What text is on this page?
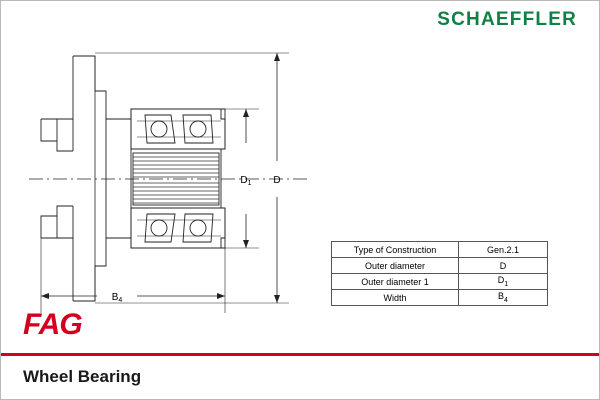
SCHAEFFLER
$D_1$ D
$B_4$
Type of Construction	Gen.2.1
Outer diameter	D
Outer diameter 1	$D_1$
Width	$B_4$
FAG
Wheel Bearing
